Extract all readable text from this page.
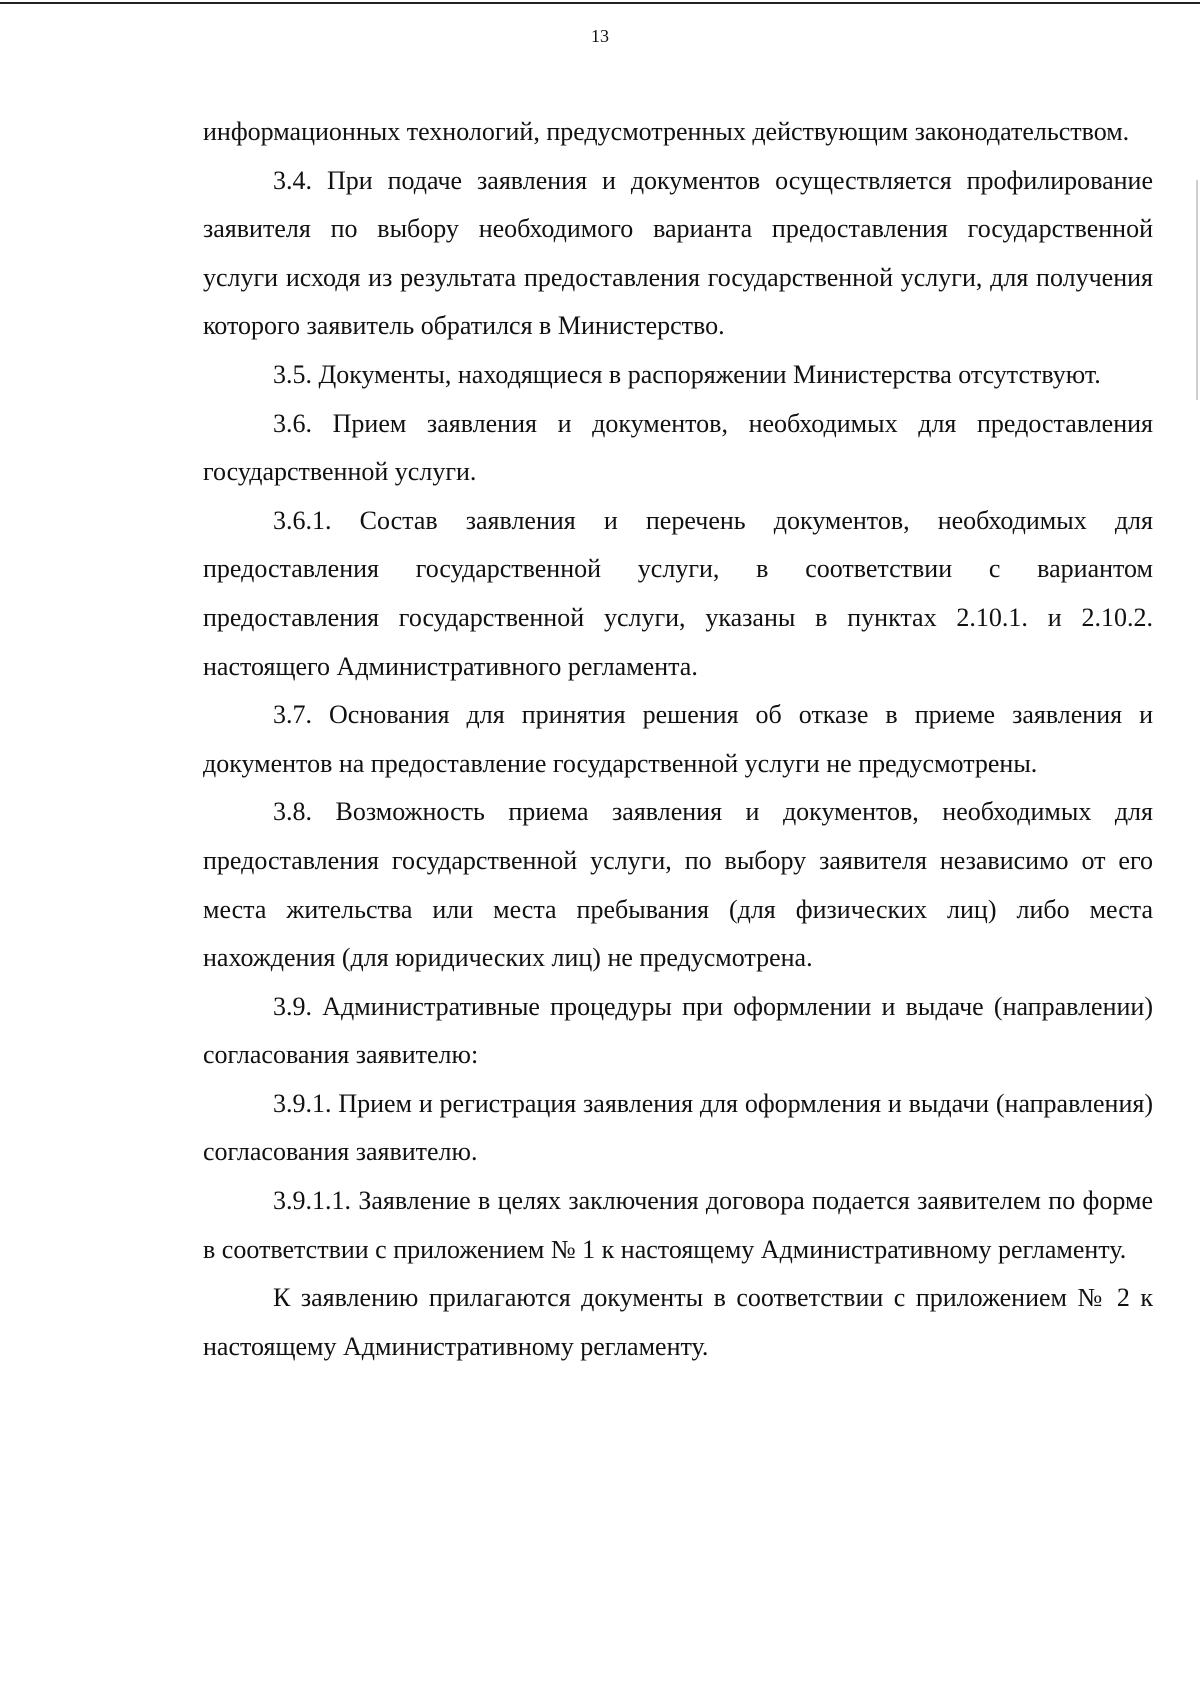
13

информационных технологий, предусмотренных действующим законодательством.

3.4. При подаче заявления и документов осуществляется профилирование заявителя по выбору необходимого варианта предоставления государственной услуги исходя из результата предоставления государственной услуги, для получения которого заявитель обратился в Министерство.

3.5. Документы, находящиеся в распоряжении Министерства отсутствуют.

3.6. Прием заявления и документов, необходимых для предоставления государственной услуги.

3.6.1. Состав заявления и перечень документов, необходимых для предоставления государственной услуги, в соответствии с вариантом предоставления государственной услуги, указаны в пунктах 2.10.1. и 2.10.2. настоящего Административного регламента.

3.7. Основания для принятия решения об отказе в приеме заявления и документов на предоставление государственной услуги не предусмотрены.

3.8. Возможность приема заявления и документов, необходимых для предоставления государственной услуги, по выбору заявителя независимо от его места жительства или места пребывания (для физических лиц) либо места нахождения (для юридических лиц) не предусмотрена.

3.9. Административные процедуры при оформлении и выдаче (направлении) согласования заявителю:

3.9.1. Прием и регистрация заявления для оформления и выдачи (направления) согласования заявителю.

3.9.1.1. Заявление в целях заключения договора подается заявителем по форме в соответствии с приложением № 1 к настоящему Административному регламенту.

К заявлению прилагаются документы в соответствии с приложением № 2 к настоящему Административному регламенту.
